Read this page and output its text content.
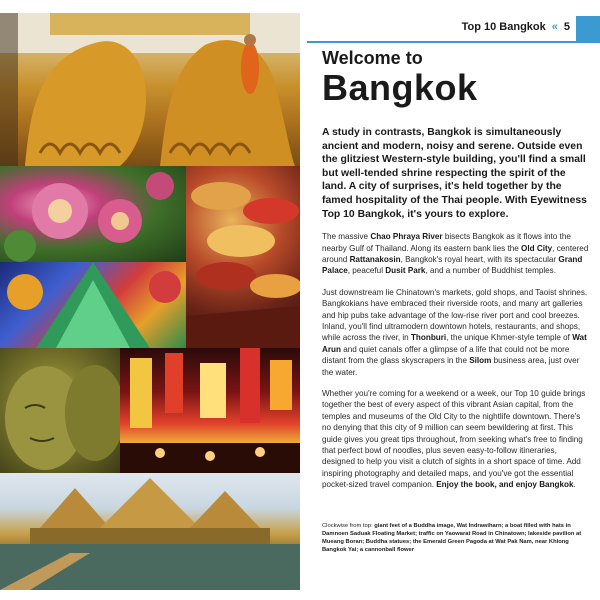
Top 10 Bangkok « 5
Welcome to
Bangkok

A study in contrasts, Bangkok is simultaneously ancient and modern, noisy and serene. Outside even the glitziest Western-style building, you'll find a small but well-tended shrine respecting the spirit of the land. A city of surprises, it's held together by the famed hospitality of the Thai people. With Eyewitness Top 10 Bangkok, it's yours to explore.

The massive Chao Phraya River bisects Bangkok as it flows into the nearby Gulf of Thailand. Along its eastern bank lies the Old City, centered around Rattanakosin, Bangkok's royal heart, with its spectacular Grand Palace, peaceful Dusit Park, and a number of Buddhist temples.

Just downstream lie Chinatown's markets, gold shops, and Taoist shrines. Bangkokians have embraced their riverside roots, and many art galleries and hip pubs take advantage of the low-rise river port and cool breezes. Inland, you'll find ultramodern downtown hotels, restaurants, and shops, while across the river, in Thonburi, the unique Khmer-style temple of Wat Arun and quiet canals offer a glimpse of a life that could not be more distant from the glass skyscrapers in the Silom business area, just over the water.

Whether you're coming for a weekend or a week, our Top 10 guide brings together the best of every aspect of this vibrant Asian capital, from the temples and museums of the Old City to the nightlife downtown. There's no denying that this city of 9 million can seem bewildering at first. This guide gives you great tips throughout, from seeking what's free to finding that perfect bowl of noodles, plus seven easy-to-follow itineraries, designed to help you visit a clutch of sights in a short space of time. Add inspiring photography and detailed maps, and you've got the essential pocket-sized travel companion. Enjoy the book, and enjoy Bangkok.

Clockwise from top: giant feet of a Buddha image, Wat Indrawiharn; a boat filled with hats in Damnoen Saduak Floating Market; traffic on Yaowarat Road in Chinatown; lakeside pavilion at Mueang Boran; Buddha statues; the Emerald Green Pagoda at Wat Pak Nam, near Khlong Bangkok Yai; a cannonball flower
